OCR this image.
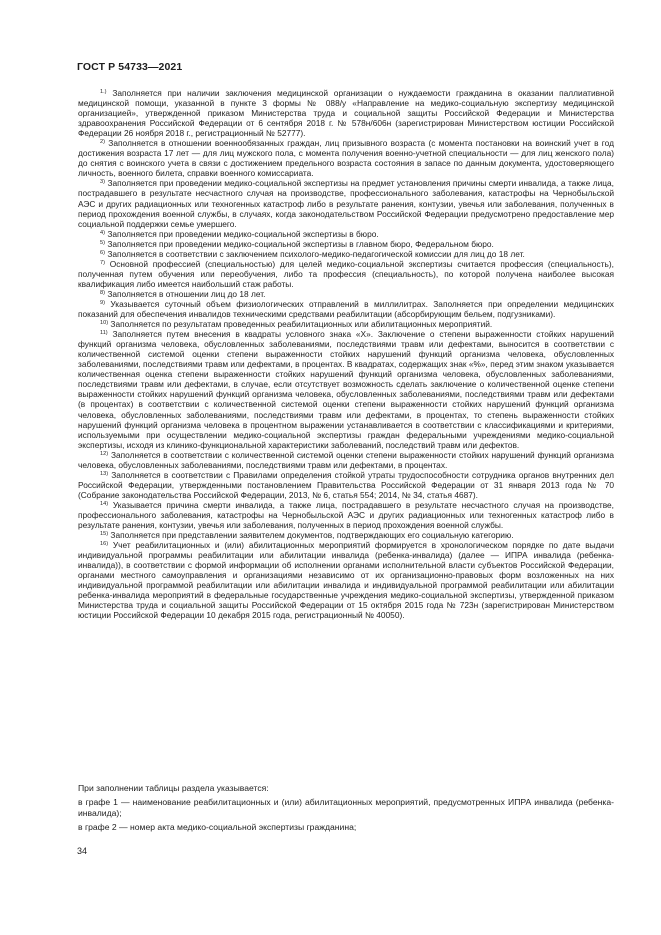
ГОСТ Р 54733—2021

$^{1.)}$ Заполняется при наличии заключения медицинской организации о нуждаемости гражданина в оказании паллиативной медицинской помощи, указанной в пункте 3 формы № 088/у «Направление на медико-социальную экспертизу медицинской организацией», утвержденной приказом Министерства труда и социальной защиты Российской Федерации и Министерства здравоохранения Российской Федерации от 6 сентября 2018 г. № 578н/606н (зарегистрирован Министерством юстиции Российской Федерации 26 ноября 2018 г., регистрационный № 52777).

$^{2)}$ Заполняется в отношении военнообязанных граждан, лиц призывного возраста (с момента постановки на воинский учет в год достижения возраста 17 лет — для лиц мужского пола, с момента получения военно-учетной специальности — для лиц женского пола) до снятия с воинского учета в связи с достижением предельного возраста состояния в запасе по данным документа, удостоверяющего личность, военного билета, справки военного комиссариата.

$^{3)}$ Заполняется при проведении медико-социальной экспертизы на предмет установления причины смерти инвалида, а также лица, пострадавшего в результате несчастного случая на производстве, профессионального заболевания, катастрофы на Чернобыльской АЭС и других радиационных или техногенных катастроф либо в результате ранения, контузии, увечья или заболевания, полученных в период прохождения военной службы, в случаях, когда законодательством Российской Федерации предусмотрено предоставление мер социальной поддержки семье умершего.

$^{4)}$ Заполняется при проведении медико-социальной экспертизы в бюро.

$^{5)}$ Заполняется при проведении медико-социальной экспертизы в главном бюро, Федеральном бюро.

$^{6)}$ Заполняется в соответствии с заключением психолого-медико-педагогической комиссии для лиц до 18 лет.

$^{7)}$ Основной профессией (специальностью) для целей медико-социальной экспертизы считается профессия (специальность), полученная путем обучения или переобучения, либо та профессия (специальность), по которой получена наиболее высокая квалификация либо имеется наибольший стаж работы.

$^{8)}$ Заполняется в отношении лиц до 18 лет.

$^{9)}$ Указывается суточный объем физиологических отправлений в миллилитрах. Заполняется при определении медицинских показаний для обеспечения инвалидов техническими средствами реабилитации (абсорбирующим бельем, подгузниками).

$^{10)}$ Заполняется по результатам проведенных реабилитационных или абилитационных мероприятий.

$^{11)}$ Заполняется путем внесения в квадраты условного знака «X». Заключение о степени выраженности стойких нарушений функций организма человека, обусловленных заболеваниями, последствиями травм или дефектами, выносится в соответствии с количественной системой оценки степени выраженности стойких нарушений функций организма человека, обусловленных заболеваниями, последствиями травм или дефектами, в процентах. В квадратах, содержащих знак «%», перед этим знаком указывается количественная оценка степени выраженности стойких нарушений функций организма человека, обусловленных заболеваниями, последствиями травм или дефектами, в случае, если отсутствует возможность сделать заключение о количественной оценке степени выраженности стойких нарушений функций организма человека, обусловленных заболеваниями, последствиями травм или дефектами (в процентах) в соответствии с количественной системой оценки степени выраженности стойких нарушений функций организма человека, обусловленных заболеваниями, последствиями травм или дефектами, в процентах, то степень выраженности стойких нарушений функций организма человека в процентном выражении устанавливается в соответствии с классификациями и критериями, используемыми при осуществлении медико-социальной экспертизы граждан федеральными учреждениями медико-социальной экспертизы, исходя из клинико-функциональной характеристики заболеваний, последствий травм или дефектов.

$^{12)}$ Заполняется в соответствии с количественной системой оценки степени выраженности стойких нарушений функций организма человека, обусловленных заболеваниями, последствиями травм или дефектами, в процентах.

$^{13)}$ Заполняется в соответствии с Правилами определения стойкой утраты трудоспособности сотрудника органов внутренних дел Российской Федерации, утвержденными постановлением Правительства Российской Федерации от 31 января 2013 года № 70 (Собрание законодательства Российской Федерации, 2013, № 6, статья 554; 2014, № 34, статья 4687).

$^{14)}$ Указывается причина смерти инвалида, а также лица, пострадавшего в результате несчастного случая на производстве, профессионального заболевания, катастрофы на Чернобыльской АЭС и других радиационных или техногенных катастроф либо в результате ранения, контузии, увечья или заболевания, полученных в период прохождения военной службы.

$^{15)}$ Заполняется при представлении заявителем документов, подтверждающих его социальную категорию.

$^{16)}$ Учет реабилитационных и (или) абилитационных мероприятий формируется в хронологическом порядке по дате выдачи индивидуальной программы реабилитации или абилитации инвалида (ребенка-инвалида) (далее — ИПРА инвалида (ребенка-инвалида)), в соответствии с формой информации об исполнении органами исполнительной власти субъектов Российской Федерации, органами местного самоуправления и организациями независимо от их организационно-правовых форм возложенных на них индивидуальной программой реабилитации или абилитации инвалида и индивидуальной программой реабилитации или абилитации ребенка-инвалида мероприятий в федеральные государственные учреждения медико-социальной экспертизы, утвержденной приказом Министерства труда и социальной защиты Российской Федерации от 15 октября 2015 года № 723н (зарегистрирован Министерством юстиции Российской Федерации 10 декабря 2015 года, регистрационный № 40050).

При заполнении таблицы раздела указывается:

в графе 1 — наименование реабилитационных и (или) абилитационных мероприятий, предусмотренных ИПРА инвалида (ребенка-инвалида);

в графе 2 — номер акта медико-социальной экспертизы гражданина;

34
